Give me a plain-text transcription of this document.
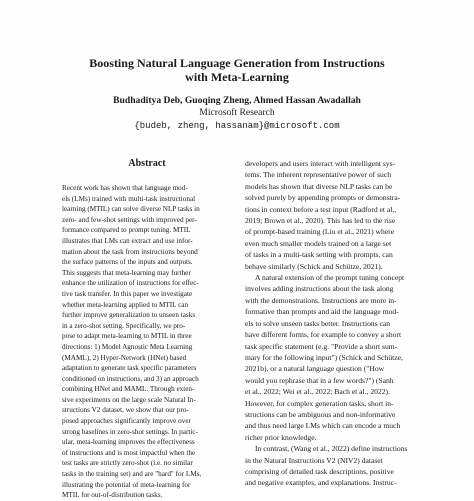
Boosting Natural Language Generation from Instructions
with Meta-Learning
Budhaditya Deb, Guoqing Zheng, Ahmed Hassan Awadallah
Microsoft Research
{budeb, zheng, hassanam}@microsoft.com
Abstract
Recent work has shown that language mod-
els (LMs) trained with multi-task instructional
learning (MTIL) can solve diverse NLP tasks in
zero- and few-shot settings with improved per-
formance compared to prompt tuning. MTIL
illustrates that LMs can extract and use infor-
mation about the task from instructions beyond
the surface patterns of the inputs and outputs.
This suggests that meta-learning may further
enhance the utilization of instructions for effec-
tive task transfer. In this paper we investigate
whether meta-learning applied to MTIL can
further improve generalization to unseen tasks
in a zero-shot setting. Specifically, we pro-
pose to adapt meta-learning to MTIL in three
directions: 1) Model Agnostic Meta Learning
(MAML), 2) Hyper-Network (HNet) based
adaptation to generate task specific parameters
conditioned on instructions, and 3) an approach
combining HNet and MAML. Through exten-
sive experiments on the large scale Natural In-
structions V2 dataset, we show that our pro-
posed approaches significantly improve over
strong baselines in zero-shot settings. In partic-
ular, meta-learning improves the effectiveness
of instructions and is most impactful when the
test tasks are strictly zero-shot (i.e. no similar
tasks in the training set) and are "hard" for LMs,
illustrating the potential of meta-learning for
MTIL for out-of-distribution tasks.
developers and users interact with intelligent sys-
tems. The inherent representative power of such
models has shown that diverse NLP tasks can be
solved purely by appending prompts or demonstra-
tions in context before a test input (Radford et al.,
2019; Brown et al., 2020). This has led to the rise
of prompt-based training (Liu et al., 2021) where
even much smaller models trained on a large set
of tasks in a multi-task setting with prompts, can
behave similarly (Schick and Schütze, 2021).
A natural extension of the prompt tuning concept
involves adding instructions about the task along
with the demonstrations. Instructions are more in-
formative than prompts and aid the language mod-
els to solve unseen tasks better. Instructions can
have different forms, for example to convey a short
task specific statement (e.g. "Provide a short sum-
mary for the following input") (Schick and Schütze,
2021b), or a natural language question ("How
would you rephrase that in a few words?") (Sanh
et al., 2022; Wei et al., 2022; Bach et al., 2022).
However, for complex generation tasks, short in-
structions can be ambiguous and non-informative
and thus need large LMs which can encode a much
richer prior knowledge.
In contrast, (Wang et al., 2022) define instructions
in the Natural Instructions V2 (NIV2) dataset
comprising of detailed task descriptions, positive
and negative examples, and explanations. Instruc-
